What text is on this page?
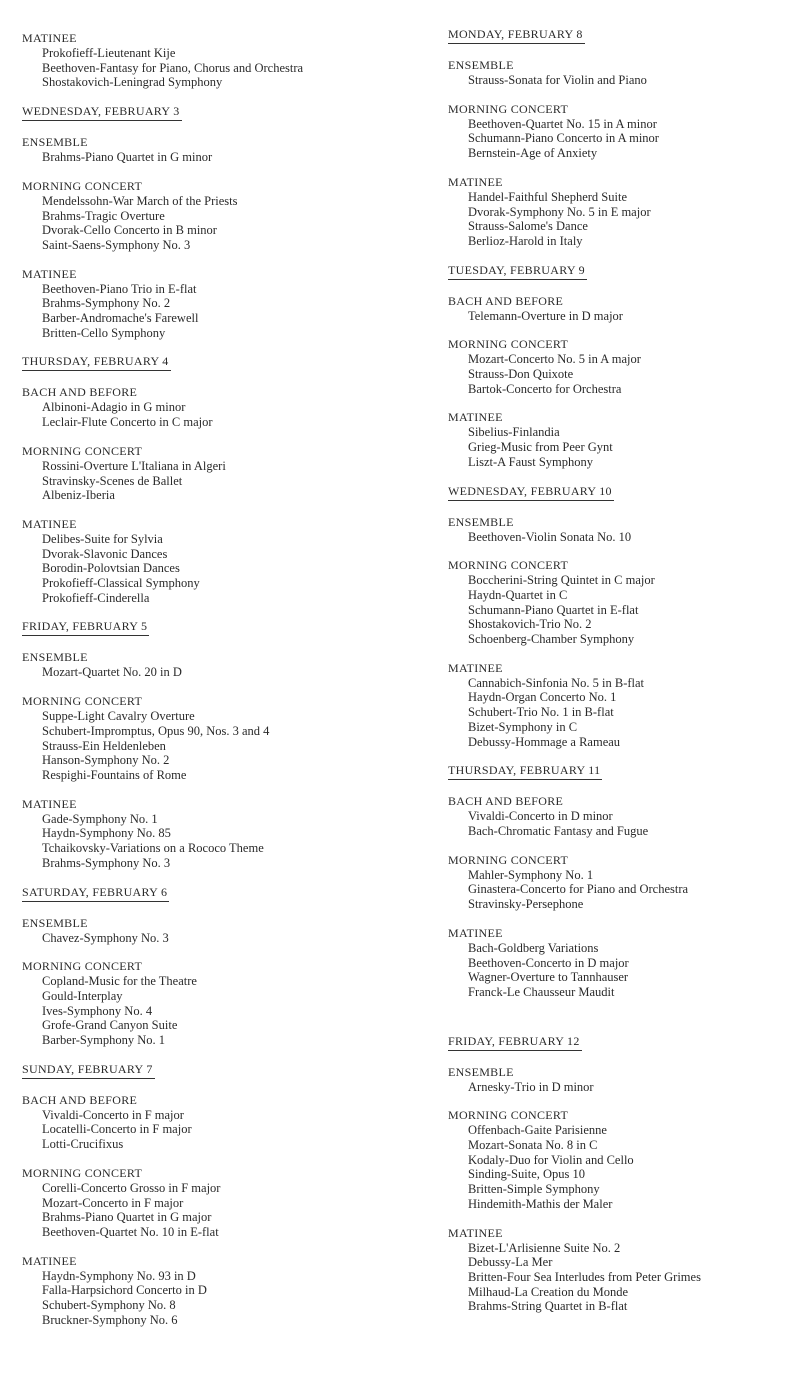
MATINEE
Prokofieff-Lieutenant Kije
Beethoven-Fantasy for Piano, Chorus and Orchestra
Shostakovich-Leningrad Symphony
WEDNESDAY, FEBRUARY 3
ENSEMBLE
Brahms-Piano Quartet in G minor
MORNING CONCERT
Mendelssohn-War March of the Priests
Brahms-Tragic Overture
Dvorak-Cello Concerto in B minor
Saint-Saens-Symphony No. 3
MATINEE
Beethoven-Piano Trio in E-flat
Brahms-Symphony No. 2
Barber-Andromache's Farewell
Britten-Cello Symphony
THURSDAY, FEBRUARY 4
BACH AND BEFORE
Albinoni-Adagio in G minor
Leclair-Flute Concerto in C major
MORNING CONCERT
Rossini-Overture L'Italiana in Algeri
Stravinsky-Scenes de Ballet
Albeniz-Iberia
MATINEE
Delibes-Suite for Sylvia
Dvorak-Slavonic Dances
Borodin-Polovtsian Dances
Prokofieff-Classical Symphony
Prokofieff-Cinderella
FRIDAY, FEBRUARY 5
ENSEMBLE
Mozart-Quartet No. 20 in D
MORNING CONCERT
Suppe-Light Cavalry Overture
Schubert-Impromptus, Opus 90, Nos. 3 and 4
Strauss-Ein Heldenleben
Hanson-Symphony No. 2
Respighi-Fountains of Rome
MATINEE
Gade-Symphony No. 1
Haydn-Symphony No. 85
Tchaikovsky-Variations on a Rococo Theme
Brahms-Symphony No. 3
SATURDAY, FEBRUARY 6
ENSEMBLE
Chavez-Symphony No. 3
MORNING CONCERT
Copland-Music for the Theatre
Gould-Interplay
Ives-Symphony No. 4
Grofe-Grand Canyon Suite
Barber-Symphony No. 1
SUNDAY, FEBRUARY 7
BACH AND BEFORE
Vivaldi-Concerto in F major
Locatelli-Concerto in F major
Lotti-Crucifixus
MORNING CONCERT
Corelli-Concerto Grosso in F major
Mozart-Concerto in F major
Brahms-Piano Quartet in G major
Beethoven-Quartet No. 10 in E-flat
MATINEE
Haydn-Symphony No. 93 in D
Falla-Harpsichord Concerto in D
Schubert-Symphony No. 8
Bruckner-Symphony No. 6
MONDAY, FEBRUARY 8
ENSEMBLE
Strauss-Sonata for Violin and Piano
MORNING CONCERT
Beethoven-Quartet No. 15 in A minor
Schumann-Piano Concerto in A minor
Bernstein-Age of Anxiety
MATINEE
Handel-Faithful Shepherd Suite
Dvorak-Symphony No. 5 in E major
Strauss-Salome's Dance
Berlioz-Harold in Italy
TUESDAY, FEBRUARY 9
BACH AND BEFORE
Telemann-Overture in D major
MORNING CONCERT
Mozart-Concerto No. 5 in A major
Strauss-Don Quixote
Bartok-Concerto for Orchestra
MATINEE
Sibelius-Finlandia
Grieg-Music from Peer Gynt
Liszt-A Faust Symphony
WEDNESDAY, FEBRUARY 10
ENSEMBLE
Beethoven-Violin Sonata No. 10
MORNING CONCERT
Boccherini-String Quintet in C major
Haydn-Quartet in C
Schumann-Piano Quartet in E-flat
Shostakovich-Trio No. 2
Schoenberg-Chamber Symphony
MATINEE
Cannabich-Sinfonia No. 5 in B-flat
Haydn-Organ Concerto No. 1
Schubert-Trio No. 1 in B-flat
Bizet-Symphony in C
Debussy-Hommage a Rameau
THURSDAY, FEBRUARY 11
BACH AND BEFORE
Vivaldi-Concerto in D minor
Bach-Chromatic Fantasy and Fugue
MORNING CONCERT
Mahler-Symphony No. 1
Ginastera-Concerto for Piano and Orchestra
Stravinsky-Persephone
MATINEE
Bach-Goldberg Variations
Beethoven-Concerto in D major
Wagner-Overture to Tannhauser
Franck-Le Chausseur Maudit
FRIDAY, FEBRUARY 12
ENSEMBLE
Arnesky-Trio in D minor
MORNING CONCERT
Offenbach-Gaite Parisienne
Mozart-Sonata No. 8 in C
Kodaly-Duo for Violin and Cello
Sinding-Suite, Opus 10
Britten-Simple Symphony
Hindemith-Mathis der Maler
MATINEE
Bizet-L'Arlisienne Suite No. 2
Debussy-La Mer
Britten-Four Sea Interludes from Peter Grimes
Milhaud-La Creation du Monde
Brahms-String Quartet in B-flat
